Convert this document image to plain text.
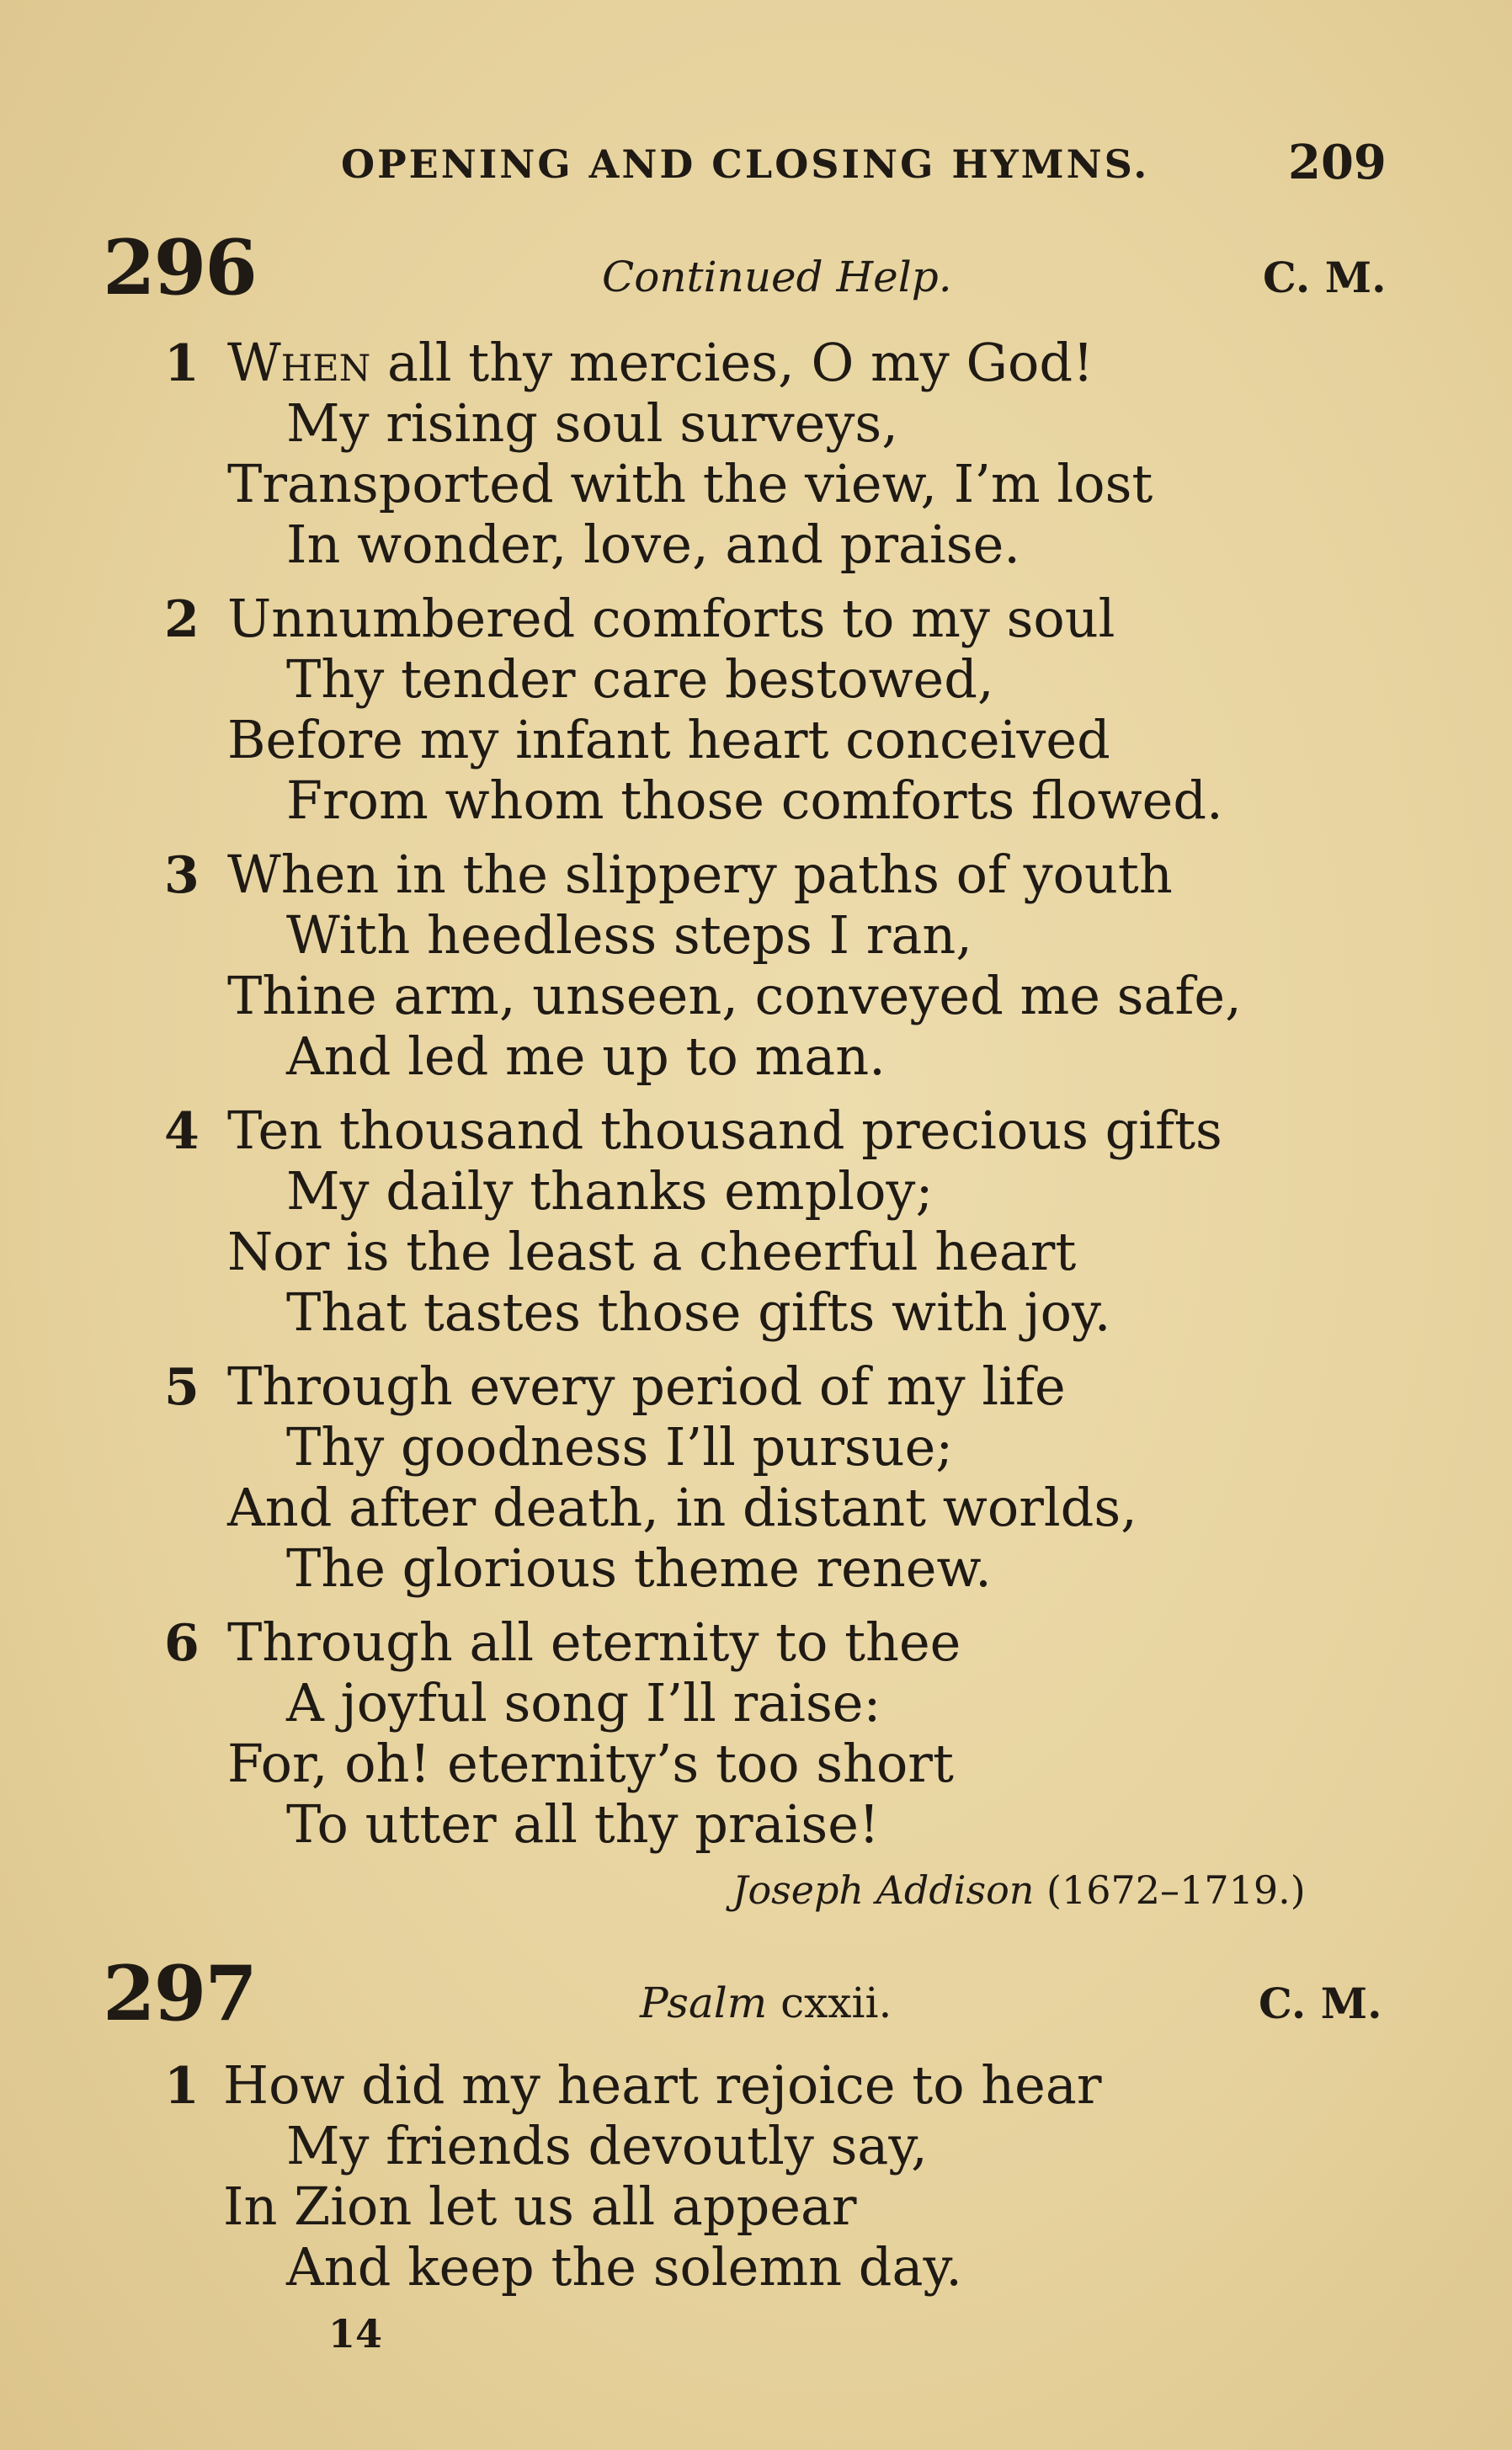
OPENING AND CLOSING HYMNS.	209
296	Continued Help.	C. M.
1 When all thy mercies, O my God!
My rising soul surveys,
Transported with the view, I’m lost
In wonder, love, and praise.
2 Unnumbered comforts to my soul
Thy tender care bestowed,
Before my infant heart conceived
From whom those comforts flowed.
3 When in the slippery paths of youth
With heedless steps I ran,
Thine arm, unseen, conveyed me safe,
And led me up to man.
4 Ten thousand thousand precious gifts
My daily thanks employ;
Nor is the least a cheerful heart
That tastes those gifts with joy.
5 Through every period of my life
Thy goodness I’ll pursue;
And after death, in distant worlds,
The glorious theme renew.
6 Through all eternity to thee
A joyful song I’ll raise:
For, oh! eternity’s too short
To utter all thy praise!
Joseph Addison (1672–1719.)
297	Psalm cxxii.	C. M.
1 How did my heart rejoice to hear
My friends devoutly say,
In Zion let us all appear
And keep the solemn day.
14
